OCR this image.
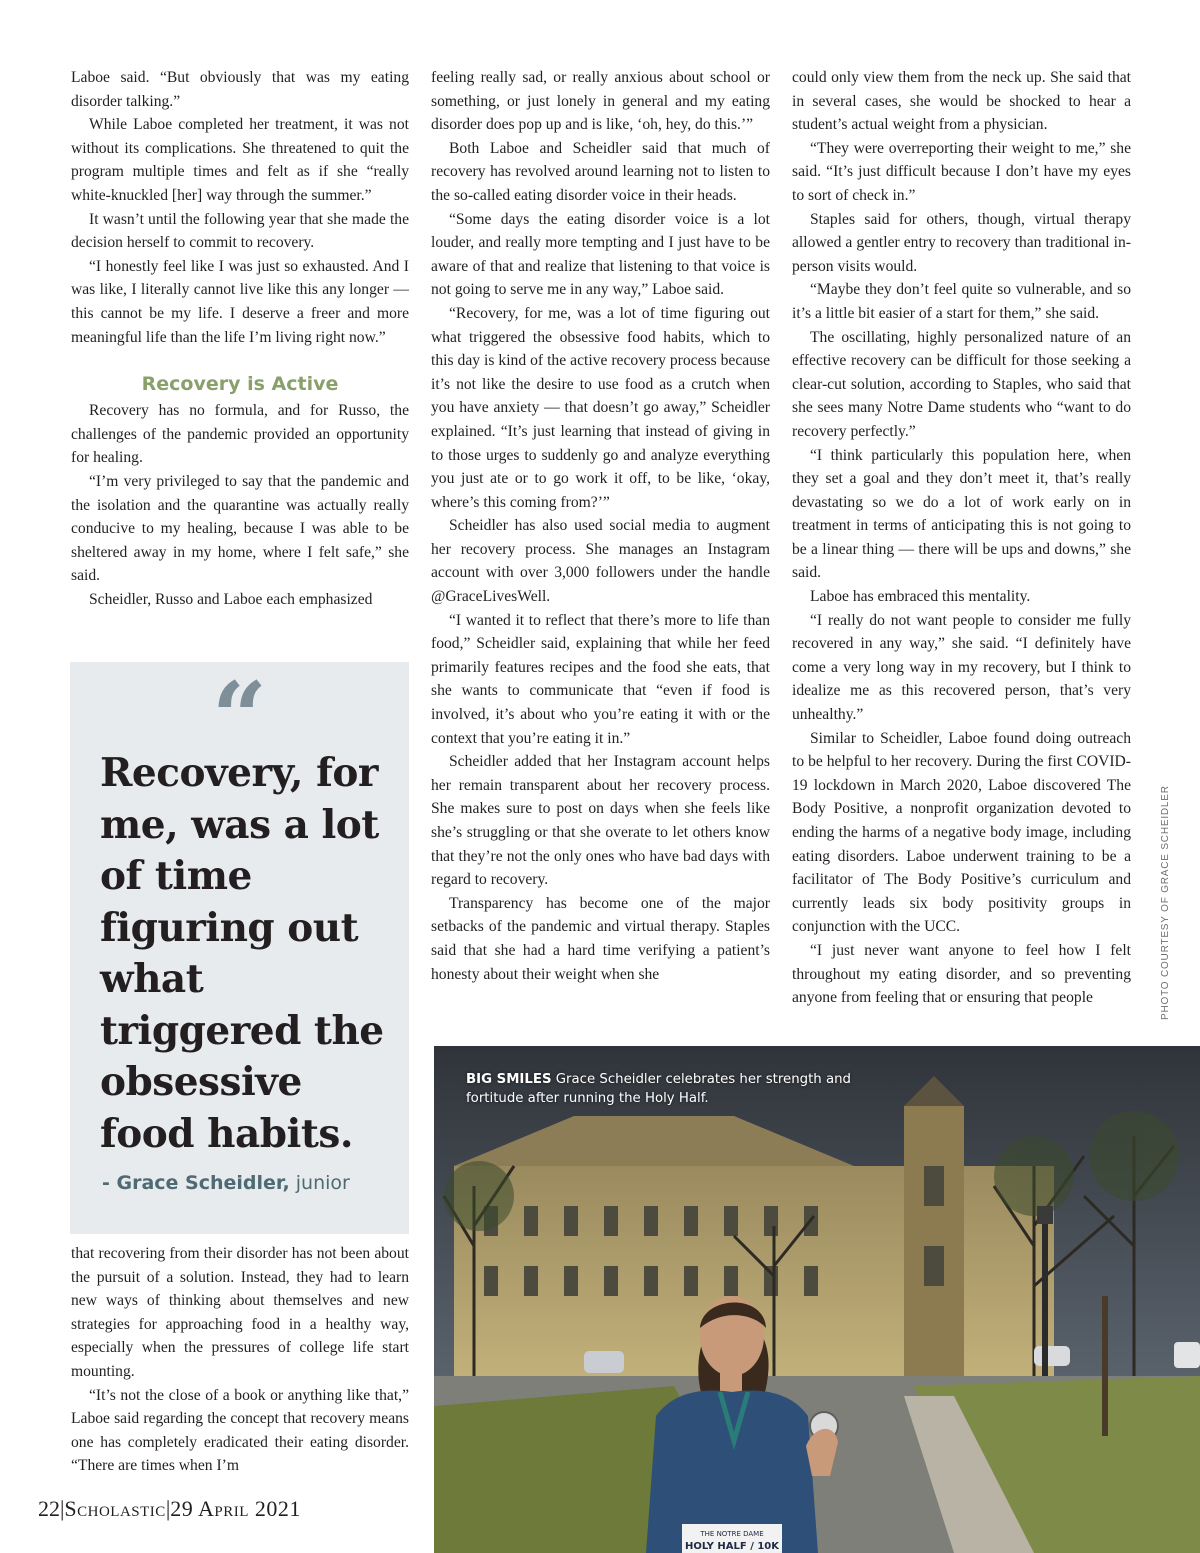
Laboe said. “But obviously that was my eating disorder talking.”

While Laboe completed her treatment, it was not without its complications. She threatened to quit the program multiple times and felt as if she “really white-knuckled [her] way through the summer.”

It wasn’t until the following year that she made the decision herself to commit to recovery.

“I honestly feel like I was just so exhausted. And I was like, I literally cannot live like this any longer — this cannot be my life. I deserve a freer and more meaningful life than the life I’m living right now.”

Recovery is Active

Recovery has no formula, and for Russo, the challenges of the pandemic provided an opportunity for healing.

“I’m very privileged to say that the pandemic and the isolation and the quarantine was actually really conducive to my healing, because I was able to be sheltered away in my home, where I felt safe,” she said.

Scheidler, Russo and Laboe each emphasized

“
Recovery, for me, was a lot of time figuring out what triggered the obsessive food habits.
- Grace Scheidler, junior

that recovering from their disorder has not been about the pursuit of a solution. Instead, they had to learn new ways of thinking about themselves and new strategies for approaching food in a healthy way, especially when the pressures of college life start mounting.

“It’s not the close of a book or anything like that,” Laboe said regarding the concept that recovery means one has completely eradicated their eating disorder. “There are times when I’m

feeling really sad, or really anxious about school or something, or just lonely in general and my eating disorder does pop up and is like, ‘oh, hey, do this.’”

Both Laboe and Scheidler said that much of recovery has revolved around learning not to listen to the so-called eating disorder voice in their heads.

“Some days the eating disorder voice is a lot louder, and really more tempting and I just have to be aware of that and realize that listening to that voice is not going to serve me in any way,” Laboe said.

“Recovery, for me, was a lot of time figuring out what triggered the obsessive food habits, which to this day is kind of the active recovery process because it’s not like the desire to use food as a crutch when you have anxiety — that doesn’t go away,” Scheidler explained. “It’s just learning that instead of giving in to those urges to suddenly go and analyze everything you just ate or to go work it off, to be like, ‘okay, where’s this coming from?’”

Scheidler has also used social media to augment her recovery process. She manages an Instagram account with over 3,000 followers under the handle @GraceLivesWell.

“I wanted it to reflect that there’s more to life than food,” Scheidler said, explaining that while her feed primarily features recipes and the food she eats, that she wants to communicate that “even if food is involved, it’s about who you’re eating it with or the context that you’re eating it in.”

Scheidler added that her Instagram account helps her remain transparent about her recovery process. She makes sure to post on days when she feels like she’s struggling or that she overate to let others know that they’re not the only ones who have bad days with regard to recovery.

Transparency has become one of the major setbacks of the pandemic and virtual therapy. Staples said that she had a hard time verifying a patient’s honesty about their weight when she

could only view them from the neck up. She said that in several cases, she would be shocked to hear a student’s actual weight from a physician.

“They were overreporting their weight to me,” she said. “It’s just difficult because I don’t have my eyes to sort of check in.”

Staples said for others, though, virtual therapy allowed a gentler entry to recovery than traditional in-person visits would.

“Maybe they don’t feel quite so vulnerable, and so it’s a little bit easier of a start for them,” she said.

The oscillating, highly personalized nature of an effective recovery can be difficult for those seeking a clear-cut solution, according to Staples, who said that she sees many Notre Dame students who “want to do recovery perfectly.”

“I think particularly this population here, when they set a goal and they don’t meet it, that’s really devastating so we do a lot of work early on in treatment in terms of anticipating this is not going to be a linear thing — there will be ups and downs,” she said.

Laboe has embraced this mentality.

“I really do not want people to consider me fully recovered in any way,” she said. “I definitely have come a very long way in my recovery, but I think to idealize me as this recovered person, that’s very unhealthy.”

Similar to Scheidler, Laboe found doing outreach to be helpful to her recovery. During the first COVID-19 lockdown in March 2020, Laboe discovered The Body Positive, a nonprofit organization devoted to ending the harms of a negative body image, including eating disorders. Laboe underwent training to be a facilitator of The Body Positive’s curriculum and currently leads six body positivity groups in conjunction with the UCC.

“I just never want anyone to feel how I felt throughout my eating disorder, and so preventing anyone from feeling that or ensuring that people	PHOTO COURTESY OF GRACE SCHEIDLER
THE NOTRE DAME
HOLY HALF / 10K
BIG SMILES Grace Scheidler celebrates her strength and fortitude after running the Holy Half.
22|Scholastic|29 April 2021
